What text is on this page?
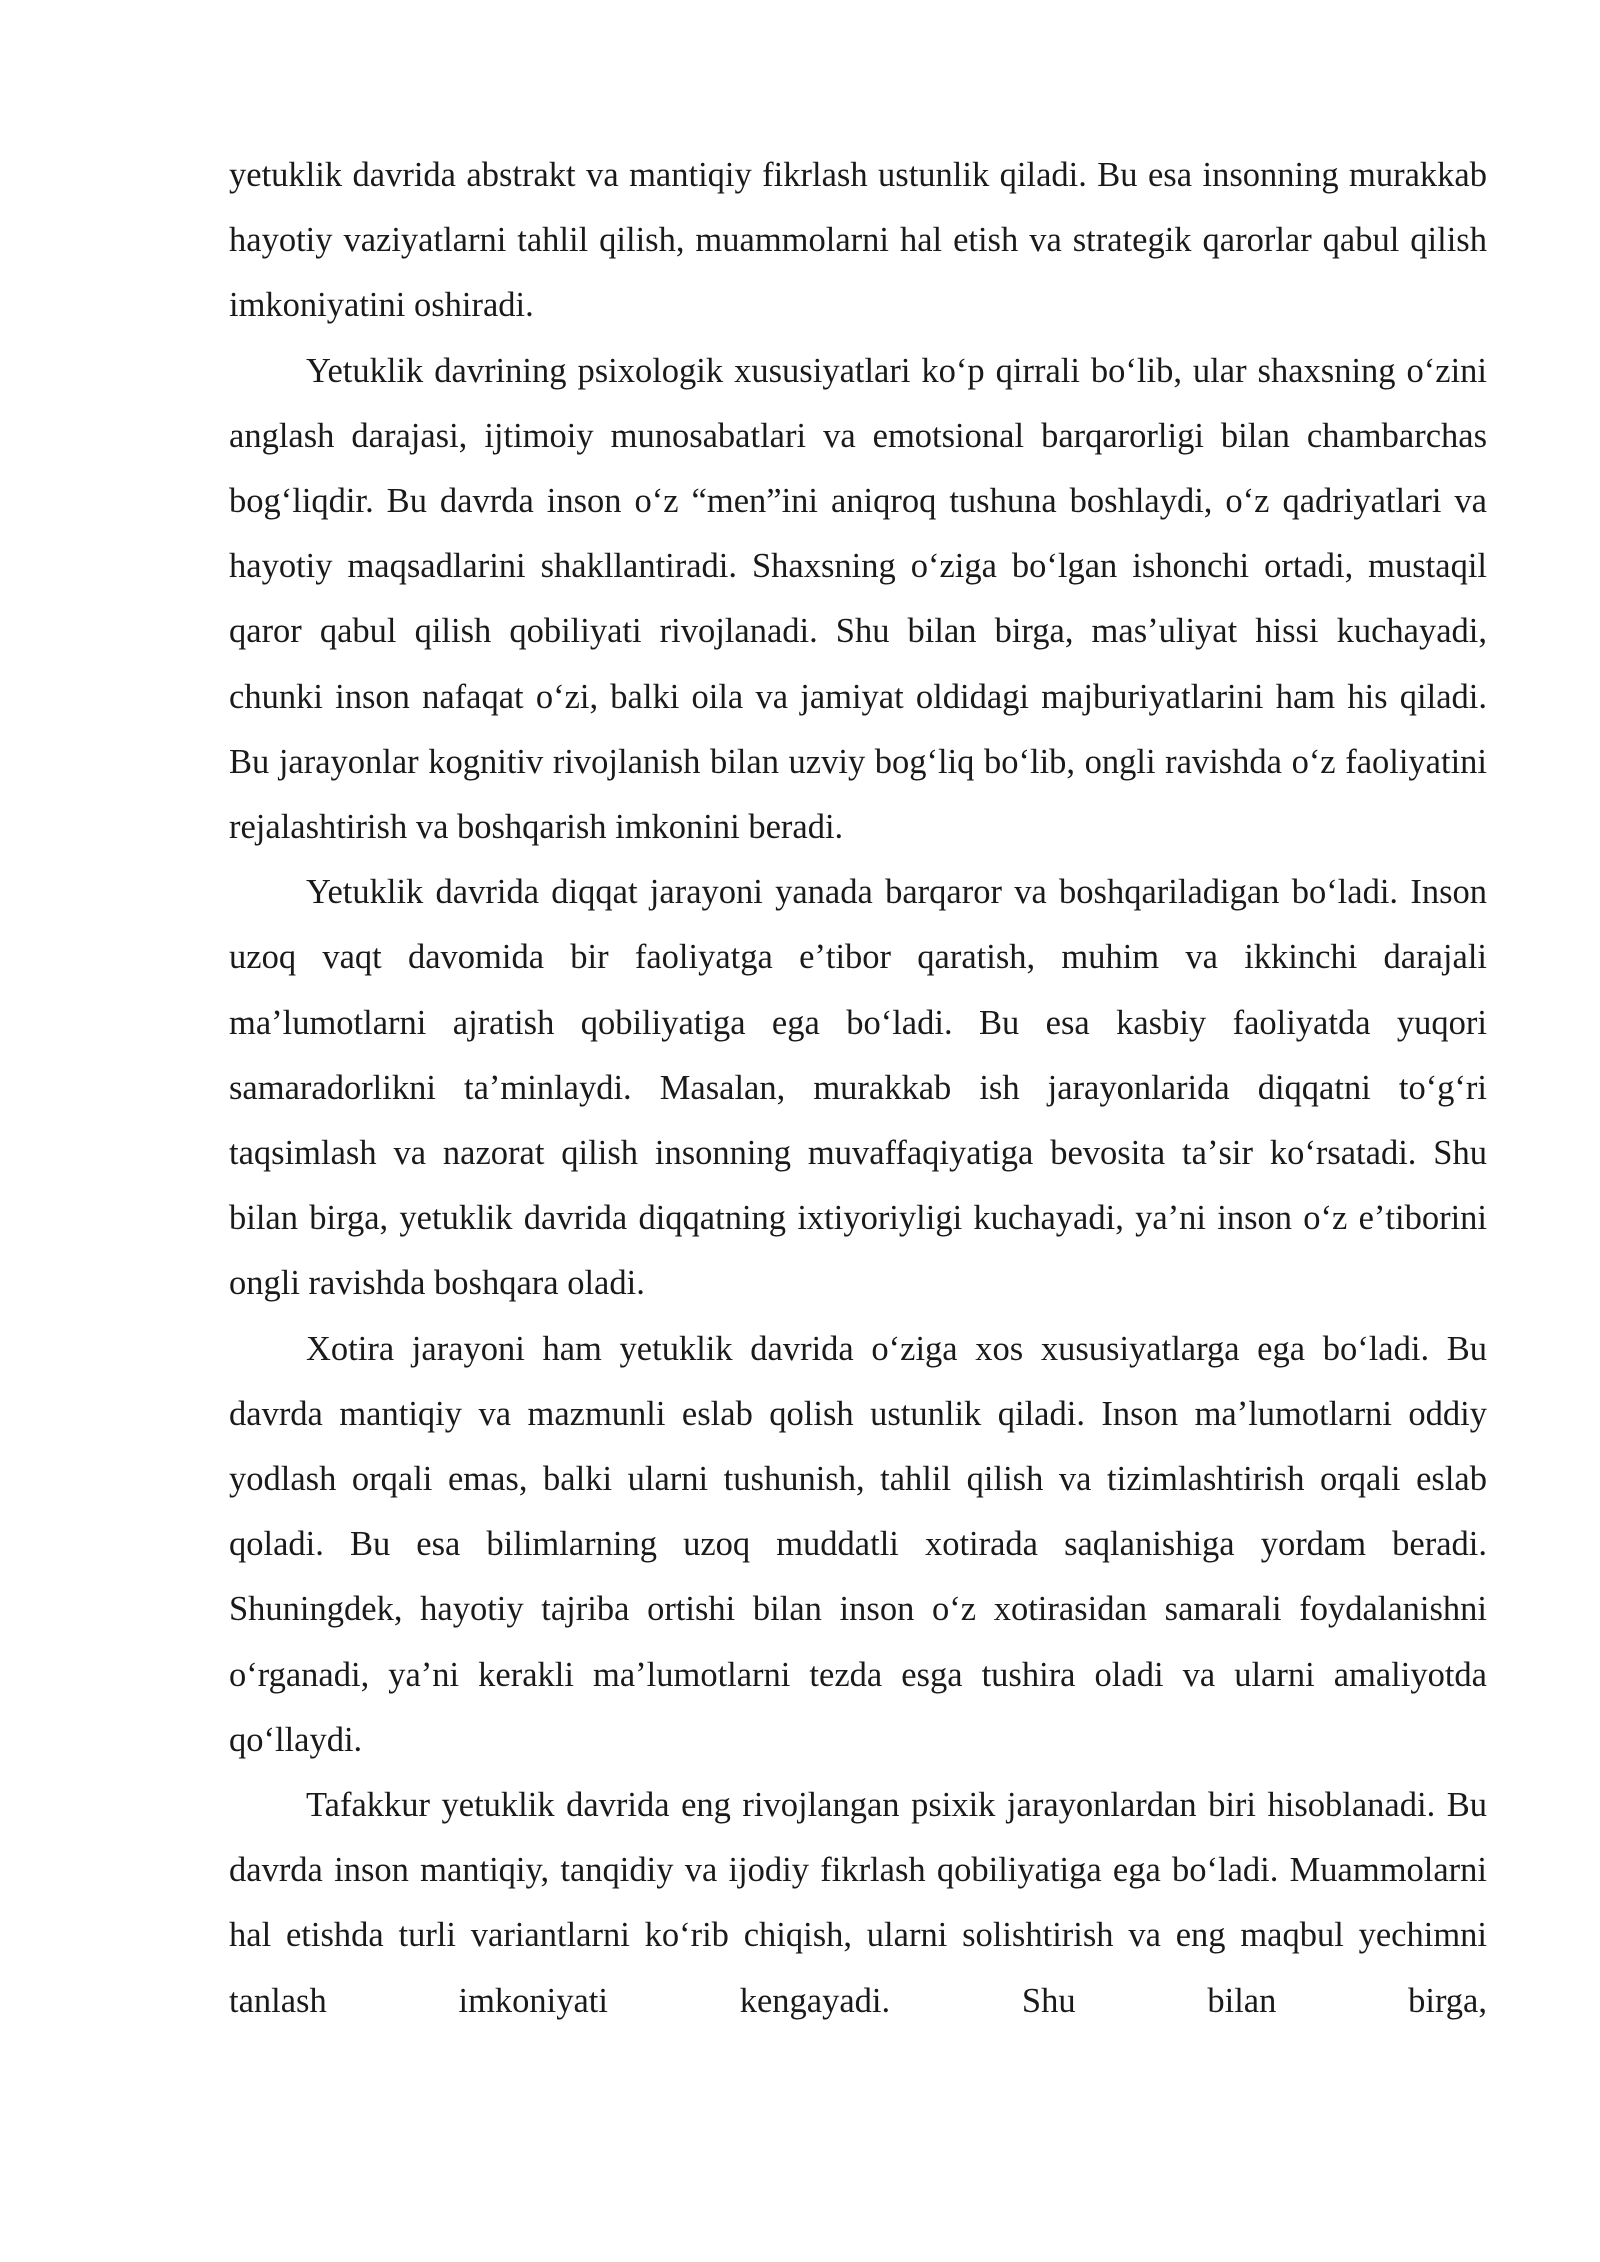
yetuklik davrida abstrakt va mantiqiy fikrlash ustunlik qiladi. Bu esa insonning murakkab hayotiy vaziyatlarni tahlil qilish, muammolarni hal etish va strategik qarorlar qabul qilish imkoniyatini oshiradi.

Yetuklik davrining psixologik xususiyatlari koʻp qirrali boʻlib, ular shaxsning oʻzini anglash darajasi, ijtimoiy munosabatlari va emotsional barqarorligi bilan chambarchas bogʻliqdir. Bu davrda inson oʻz “men”ini aniqroq tushuna boshlaydi, oʻz qadriyatlari va hayotiy maqsadlarini shakllantiradi. Shaxsning oʻziga boʻlgan ishonchi ortadi, mustaqil qaror qabul qilish qobiliyati rivojlanadi. Shu bilan birga, masʼuliyat hissi kuchayadi, chunki inson nafaqat oʻzi, balki oila va jamiyat oldidagi majburiyatlarini ham his qiladi. Bu jarayonlar kognitiv rivojlanish bilan uzviy bogʻliq boʻlib, ongli ravishda oʻz faoliyatini rejalashtirish va boshqarish imkonini beradi.

Yetuklik davrida diqqat jarayoni yanada barqaror va boshqariladigan boʻladi. Inson uzoq vaqt davomida bir faoliyatga eʼtibor qaratish, muhim va ikkinchi darajali maʼlumotlarni ajratish qobiliyatiga ega boʻladi. Bu esa kasbiy faoliyatda yuqori samaradorlikni taʼminlaydi. Masalan, murakkab ish jarayonlarida diqqatni toʻgʻri taqsimlash va nazorat qilish insonning muvaffaqiyatiga bevosita taʼsir koʻrsatadi. Shu bilan birga, yetuklik davrida diqqatning ixtiyoriyligi kuchayadi, yaʼni inson oʻz eʼtiborini ongli ravishda boshqara oladi.

Xotira jarayoni ham yetuklik davrida oʻziga xos xususiyatlarga ega boʻladi. Bu davrda mantiqiy va mazmunli eslab qolish ustunlik qiladi. Inson maʼlumotlarni oddiy yodlash orqali emas, balki ularni tushunish, tahlil qilish va tizimlashtirish orqali eslab qoladi. Bu esa bilimlarning uzoq muddatli xotirada saqlanishiga yordam beradi. Shuningdek, hayotiy tajriba ortishi bilan inson oʻz xotirasidan samarali foydalanishni oʻrganadi, yaʼni kerakli maʼlumotlarni tezda esga tushira oladi va ularni amaliyotda qoʻllaydi.

Tafakkur yetuklik davrida eng rivojlangan psixik jarayonlardan biri hisoblanadi. Bu davrda inson mantiqiy, tanqidiy va ijodiy fikrlash qobiliyatiga ega boʻladi. Muammolarni hal etishda turli variantlarni koʻrib chiqish, ularni solishtirish va eng maqbul yechimni tanlash imkoniyati kengayadi. Shu bilan birga,
